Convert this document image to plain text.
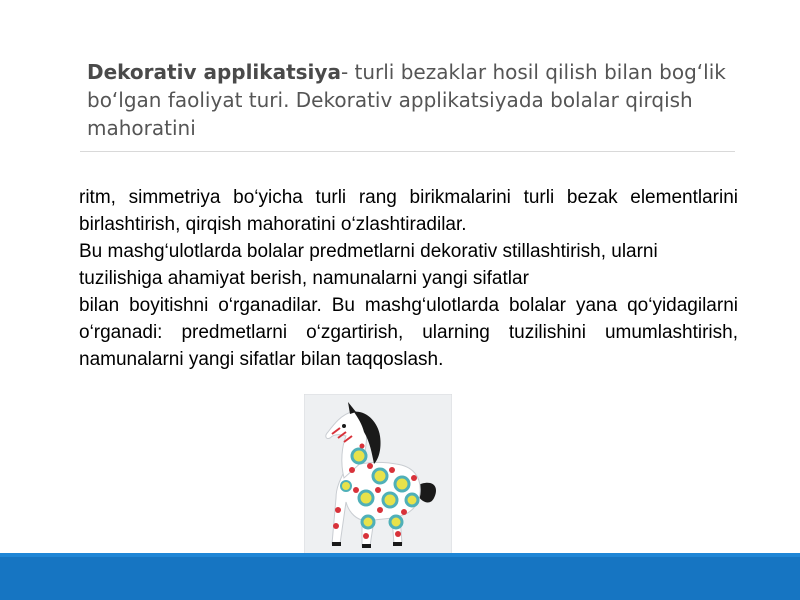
Dekorativ applikatsiya- turli bezaklar hosil qilish bilan bog‘lik bo‘lgan faoliyat turi. Dekorativ applikatsiyada bolalar qirqish mahoratini

ritm, simmetriya bo‘yicha turli rang birikmalarini turli bezak elementlarini birlashtirish, qirqish mahoratini o‘zlashtiradilar.

Bu mashg‘ulotlarda bolalar predmetlarni dekorativ stillashtirish, ularni tuzilishiga ahamiyat berish, namunalarni yangi sifatlar

bilan boyitishni o‘rganadilar. Bu mashg‘ulotlarda bolalar yana qo‘yidagilarni o‘rganadi: predmetlarni o‘zgartirish, ularning tuzilishini umumlashtirish, namunalarni yangi sifatlar bilan taqqoslash.
